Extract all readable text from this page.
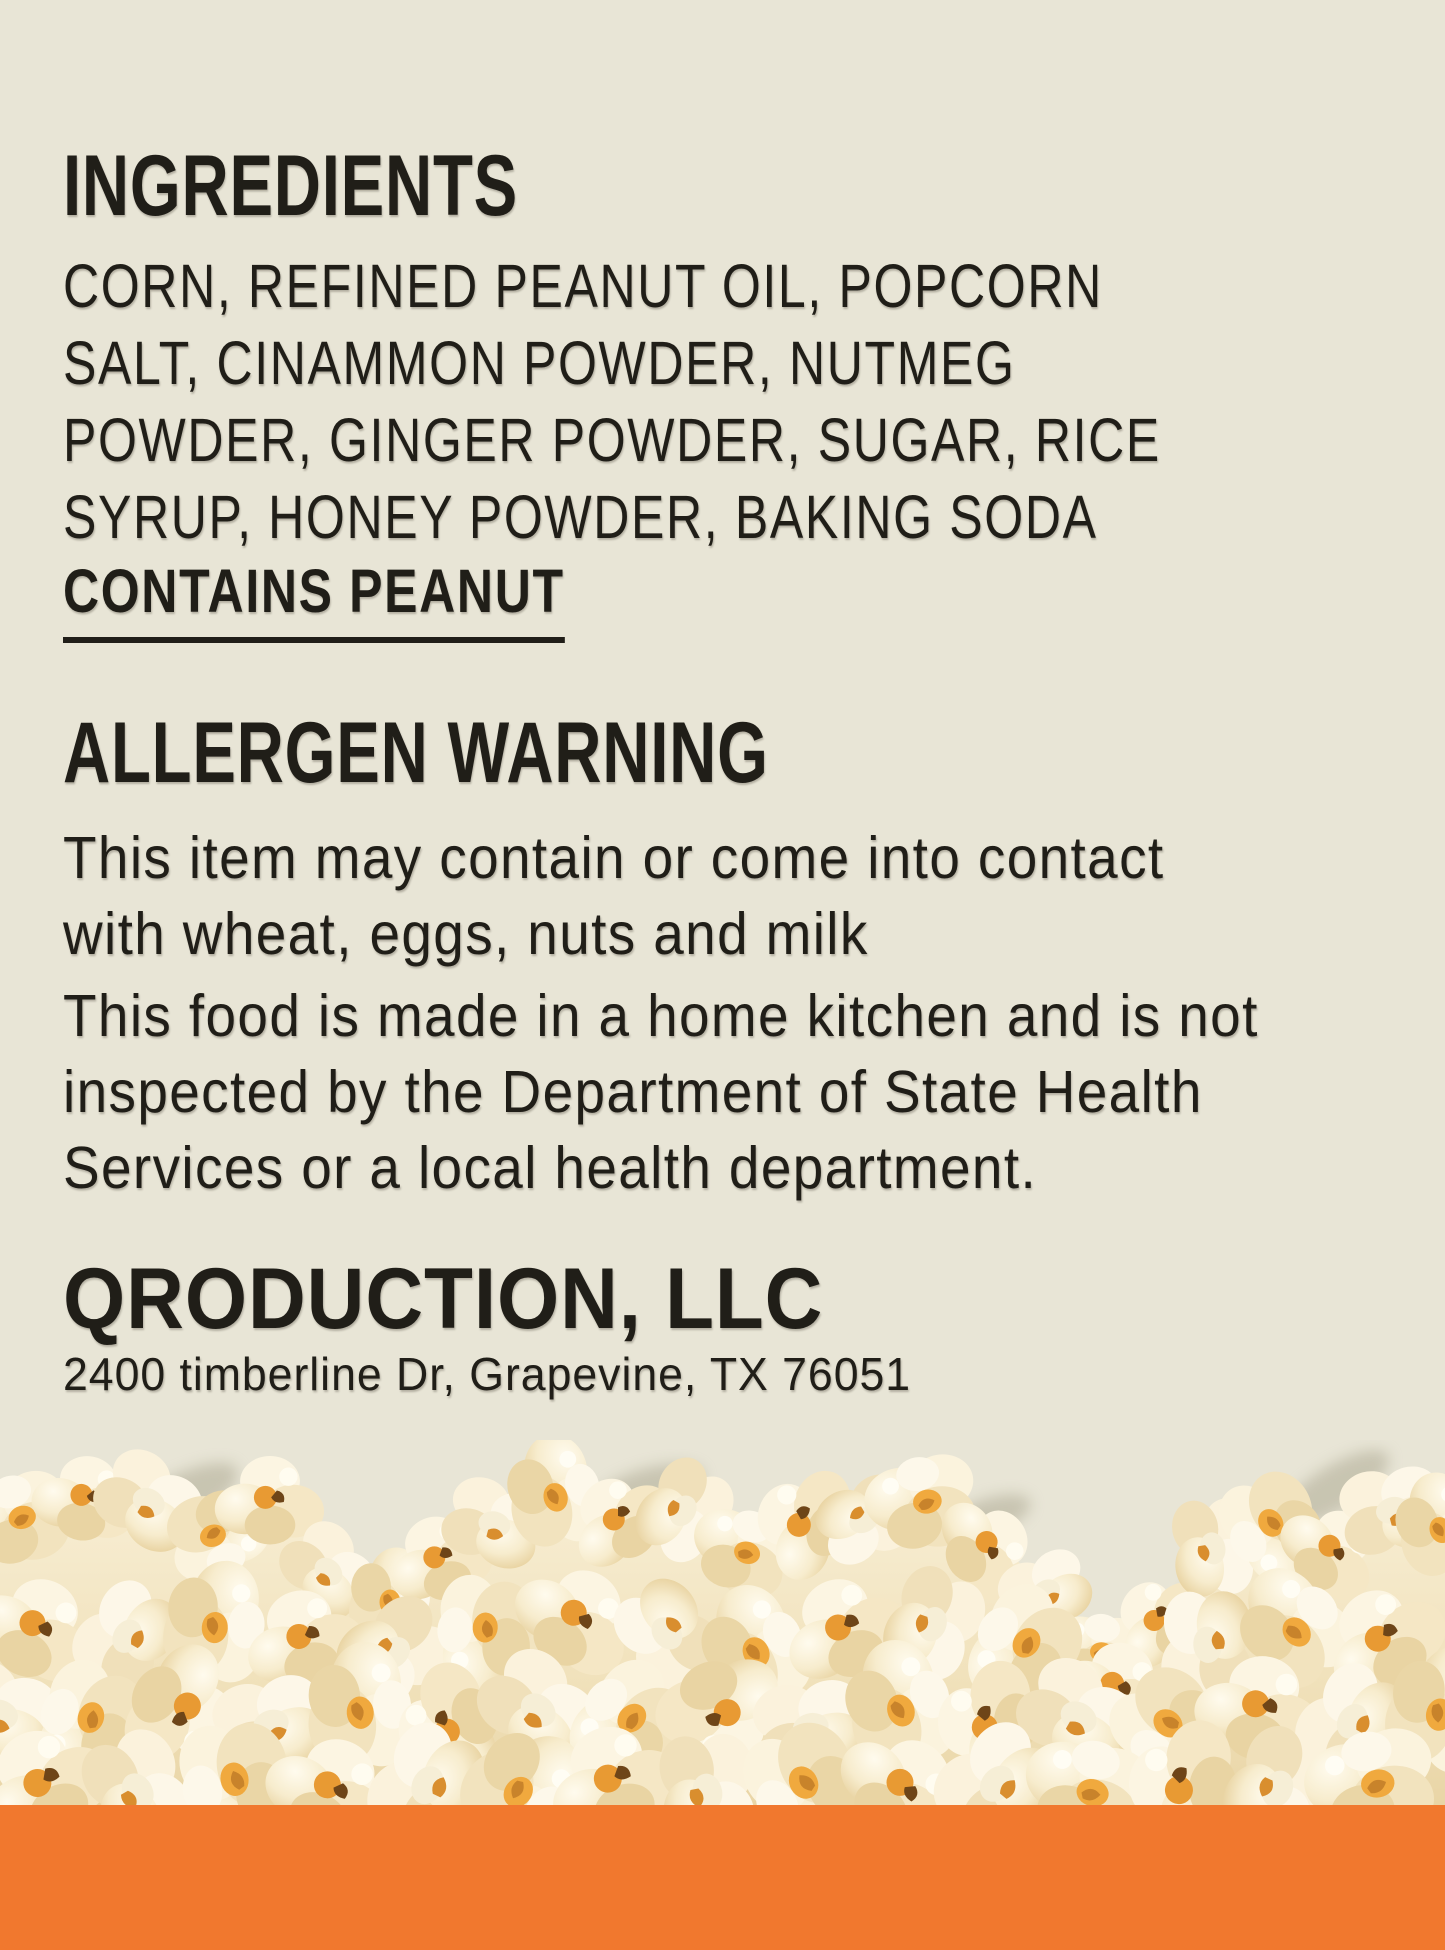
INGREDIENTS
CORN, REFINED PEANUT OIL, POPCORN
SALT, CINAMMON POWDER, NUTMEG
POWDER, GINGER POWDER, SUGAR, RICE
SYRUP, HONEY POWDER, BAKING SODA
CONTAINS PEANUT
ALLERGEN WARNING
This item may contain or come into contact
with wheat, eggs, nuts and milk
This food is made in a home kitchen and is not
inspected by the Department of State Health
Services or a local health department.
QRODUCTION, LLC
2400 timberline Dr, Grapevine, TX 76051
